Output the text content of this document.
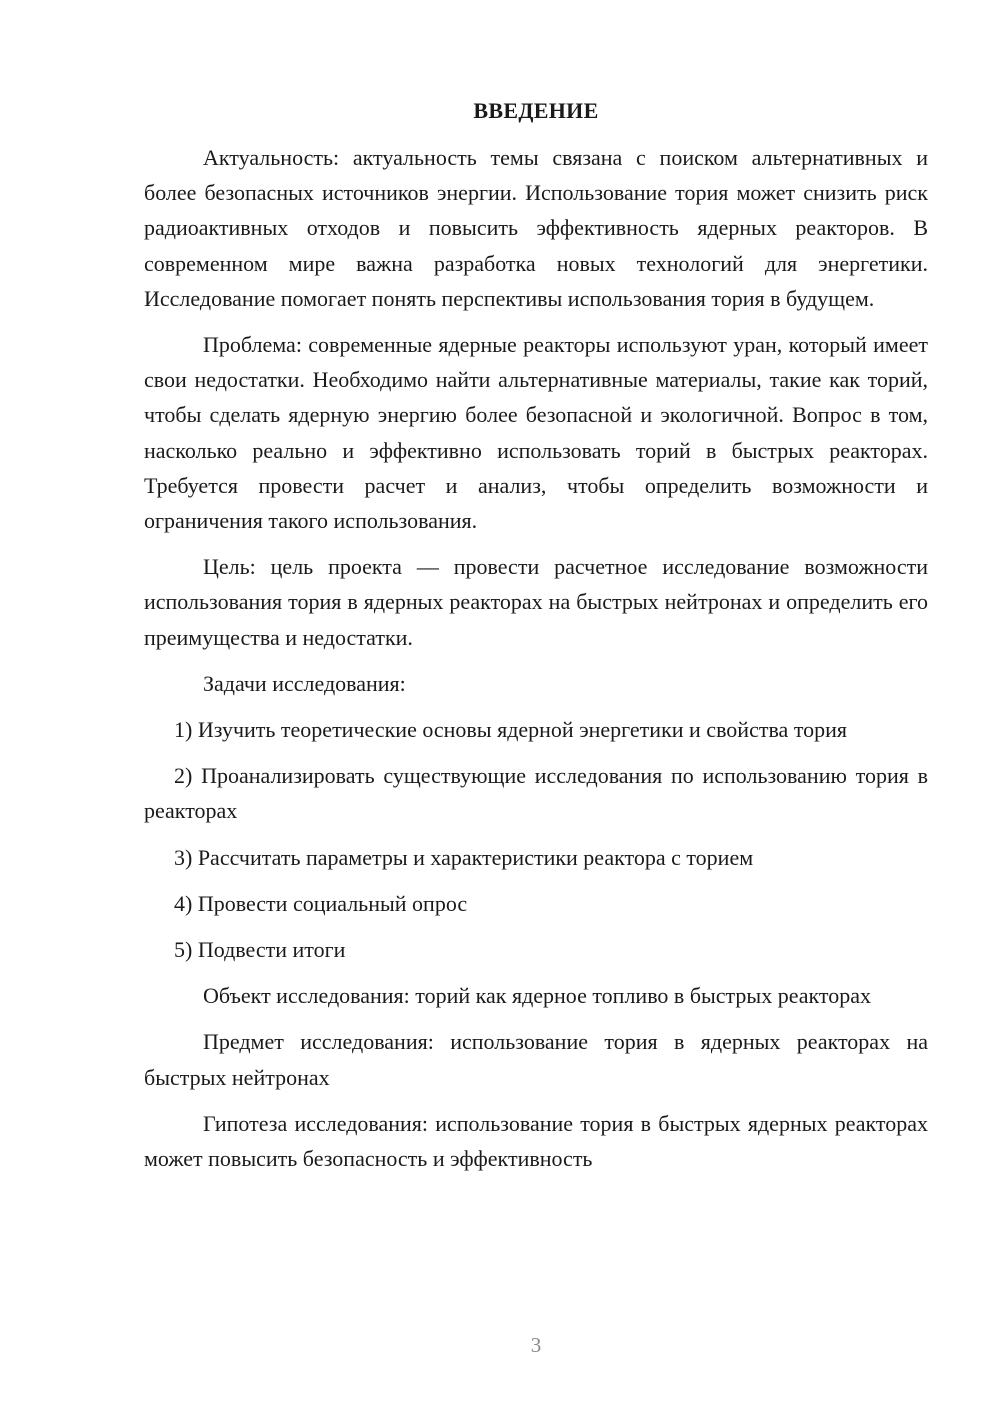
ВВЕДЕНИЕ

Актуальность: актуальность темы связана с поиском альтернативных и более безопасных источников энергии. Использование тория может снизить риск радиоактивных отходов и повысить эффективность ядерных реакторов. В современном мире важна разработка новых технологий для энергетики. Исследование помогает понять перспективы использования тория в будущем.

Проблема: современные ядерные реакторы используют уран, который имеет свои недостатки. Необходимо найти альтернативные материалы, такие как торий, чтобы сделать ядерную энергию более безопасной и экологичной. Вопрос в том, насколько реально и эффективно использовать торий в быстрых реакторах. Требуется провести расчет и анализ, чтобы определить возможности и ограничения такого использования.

Цель: цель проекта — провести расчетное исследование возможности использования тория в ядерных реакторах на быстрых нейтронах и определить его преимущества и недостатки.

Задачи исследования:

1) Изучить теоретические основы ядерной энергетики и свойства тория

2) Проанализировать существующие исследования по использованию тория в реакторах

3) Рассчитать параметры и характеристики реактора с торием

4) Провести социальный опрос

5) Подвести итоги

Объект исследования: торий как ядерное топливо в быстрых реакторах

Предмет исследования: использование тория в ядерных реакторах на быстрых нейтронах

Гипотеза исследования: использование тория в быстрых ядерных реакторах может повысить безопасность и эффективность

3
